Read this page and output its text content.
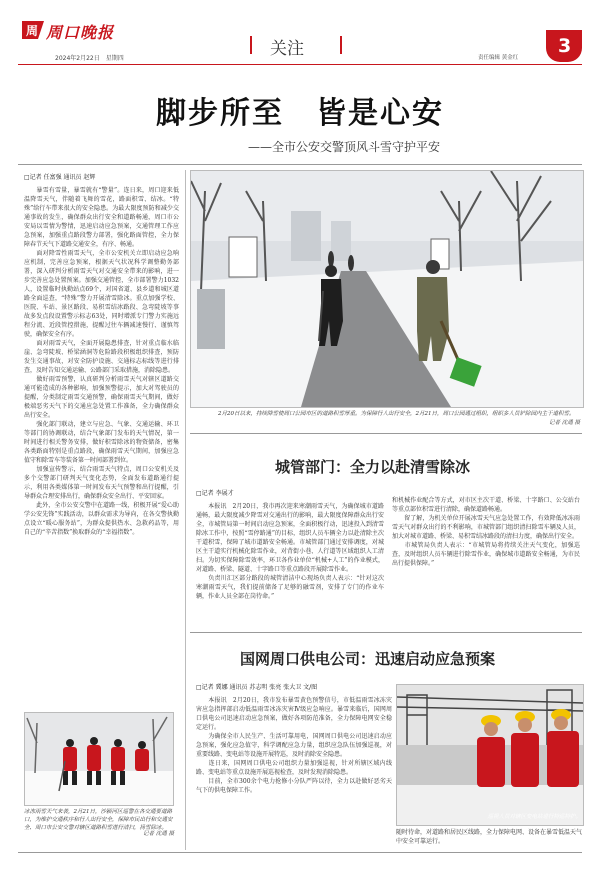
周 周口晚报
2024年2月22日　星期四	关注	责任编辑 黄金红
3
脚步所至　皆是心安
——全市公安交警顶风斗雪守护平安
□记者 任富强 通讯员 赵辉
　　暴雪有雪量，暴雪就有“警量”。连日来，周口迎来低温降雪天气，伴随着飞舞的雪花，路面积雪、结冰。“特殊”给行车带来很大的安全隐患。为最大限度预防和减少交通事故的发生，确保群众出行安全和道路畅通，周口市公安局以雪情为警情，迅速启动应急预案，交通管理工作应急预案，加强重点路段警力部署，强化路面管控，全力保障春节天气下道路交通安全，有序、畅通。
　　面对降雪性雨雪天气，全市公安机关立即启动应急响应机制，完善应急预案，根据天气状况科学调整勤务部署，深入研判分析雨雪天气对交通安全带来的影响，进一步完善应急处置预案。加强交通管控，全市部署警力1032人，设置临时执勤站点69个，对国省道、县乡道和城区道路全面巡查，“特殊”警力开展清雪除冰。重点加强学校、医院、车站、景区路段、易积雪结冰路段、急弯陡坡等事故多发点段设置警示标志63处，同时增派专门警力实施远程分流、近段管控措施，提醒过往车辆减速慢行、谨慎驾驶，确保安全有序。
　　面对雨雪天气，全面开展隐患排查，针对重点临水临崖、急弯陡坡、桥梁涵洞等危险路段积极组织排查，预防发生交通事故，对安全防护设施、交通标志标线等进行排查，及时告知交通运输、公路部门采取措施，消除隐患。
　　做好雨雪预警，认真研判分析雨雪天气对辖区道路交通可能造成的各种影响，加强预警提示，加大对驾驶员的提醒，分类制定雨雪交通预警，确保雨雪天气期间，做好极端恶劣天气下的交通应急处置工作准备，全力确保群众出行安全。
　　强化部门联动，建立与应急、气象、交通运输、环卫等部门的协调联动，结合气象部门发布的天气情况，第一时间进行相关警务安排，做好积雪除冰的物资储备，密集各类路面特别是重点路段，确保雨雪天气期间，加强应急值守和除雪车等装备第一时间部署到位。
　　加强宣传警示，结合雨雪天气特点，周口公安机关及多个交警部门研判天气变化态势，全面发布道路通行提示，利用各类媒体第一时间发布天气预警和出行提醒，引导群众合理安排出行，确保群众安全出行、平安回家。
　　此外，全市公安交警中在道路一线，积极开展“爱心助学公安先锋”实践活动，以群众需求为导向，在各交警执勤点设立“暖心服务站”，为群众提供热水、急救药品等，用自己的“辛苦指数”换取群众的“幸福指数”。
2月20日以来，持续降雪使周口公园市区的道路积雪厚重。为保障行人出行安全，2月21日，周口公园通过组织，组织多人员铲除园内主干道积雪。
记者 沈通 摄
城管部门：全力以赴清雪除冰
□记者 李展才
　　本报讯　2月20日，我市再次迎来寒潮雨雪天气，为确保城市道路通畅，最大限度减少降雪对交通出行的影响，最大限度保障群众出行安全，市城管局第一时间启动应急预案，全面积极行动，迅速投入到清雪除冰工作中，按照“雪停路通”的目标，组织人员车辆全力以赴清除主次干道积雪，保障了城市道路安全畅通。市城管部门通过安排调度，对城区主干道实行机械化除雪作业，对背街小巷、人行道等区域组织人工清扫。为切实保障除雪效率，环卫各作业单位“机械+人工”的作业模式，对道路、桥梁、隧道、十字路口等重点路段开展除雪作业。
　　负责川汇区部分路段的城管清洁中心现场负责人表示：“针对这次寒潮雨雪天气，我们提前储备了足够的融雪剂，安排了专门的作业车辆，作业人员全部在岗待命。”
和机械作业配合等方式，对市区主次干道、桥梁、十字路口、公交站台等重点部位积雪进行清除，确保道路畅通。
　　留了解，为机关单位开展冰雪天气应急处置工作，有效降低冰冻雨雪天气对群众出行的不利影响，市城管部门组织清扫除雪车辆及人员，加大对城市道路、桥梁、易积雪结冰路段的清扫力度，确保出行安全。
　　市城管局负责人表示：“市城管局将持续关注天气变化，加强巡查，及时组织人员车辆进行除雪作业，确保城市道路安全畅通，为市民出行提供保障。”
国网周口供电公司：迅速启动应急预案
□记者 冀娜 通讯员 苏志明 张亮 张大卫 文/图
　　本报讯　2月20日，我市发布暴雪黄色预警信号，市低温雨雪冰冻灾害应急指挥部启动低温雨雪冰冻灾害Ⅳ级应急响应。暴雪来临后，国网周口供电公司迅速启动应急预案，做好各项防范准备，全力保障电网安全稳定运行。
　　为确保全市人民生产、生活可靠用电，国网周口供电公司迅速启动应急预案，强化应急值守，科学调配应急力量，组织应急队伍加强巡视，对重要线路、变电站等设施开展特巡，及时消除安全隐患。
　　连日来，国网周口供电公司组织力量加强巡视，针对所辖区域内线路、变电站等重点设施开展巡视检查，及时发现消除隐患。
　　目前，全市300余个电力抢修小分队严阵以待，全力以赴做好恶劣天气下的供电保障工作。
巡视人员对辖区变电站进行特巡特护。
随时待命，对道路和居民区线路，全力保障电网、设备在暴雪低温天气中安全可靠运行。
冰冻雨雪天气来袭，2月21日，沙颍河区巡警在各交通要道路口，为维护交通秩序和行人出行安全，保障市民出行和交通安全、周口市公安交警对辖区道路积雪进行清扫，扬雪除冰。
记者 沈通 摄
